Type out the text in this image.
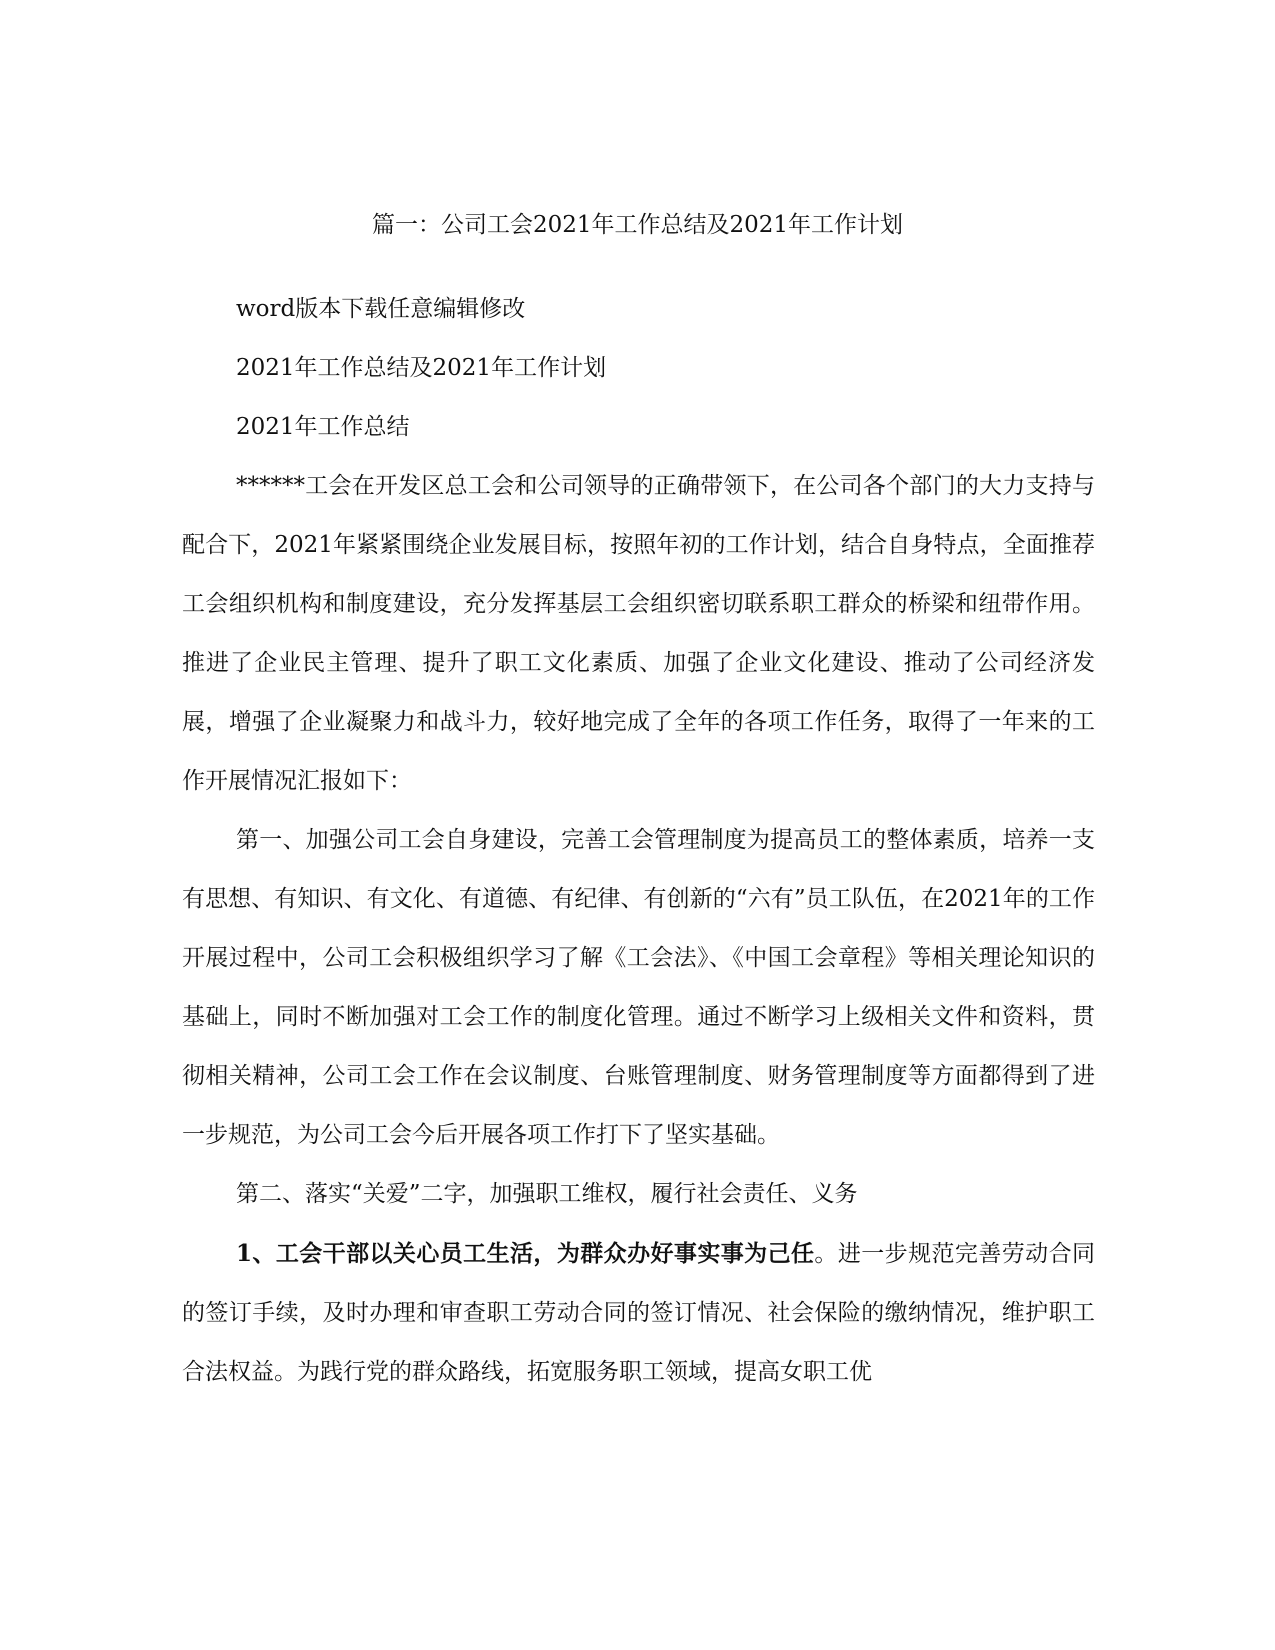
篇一：公司工会2021年工作总结及2021年工作计划

word版本下载任意编辑修改

2021年工作总结及2021年工作计划

2021年工作总结

******工会在开发区总工会和公司领导的正确带领下，在公司各个部门的大力支持与配合下，2021年紧紧围绕企业发展目标，按照年初的工作计划，结合自身特点，全面推荐工会组织机构和制度建设，充分发挥基层工会组织密切联系职工群众的桥梁和纽带作用。推进了企业民主管理、提升了职工文化素质、加强了企业文化建设、推动了公司经济发展，增强了企业凝聚力和战斗力，较好地完成了全年的各项工作任务，取得了一年来的工作开展情况汇报如下：

第一、加强公司工会自身建设，完善工会管理制度为提高员工的整体素质，培养一支有思想、有知识、有文化、有道德、有纪律、有创新的“六有”员工队伍，在2021年的工作开展过程中，公司工会积极组织学习了解《工会法》、《中国工会章程》等相关理论知识的基础上，同时不断加强对工会工作的制度化管理。通过不断学习上级相关文件和资料，贯彻相关精神，公司工会工作在会议制度、台账管理制度、财务管理制度等方面都得到了进一步规范，为公司工会今后开展各项工作打下了坚实基础。

第二、落实“关爱”二字，加强职工维权，履行社会责任、义务

1、工会干部以关心员工生活，为群众办好事实事为己任。进一步规范完善劳动合同的签订手续，及时办理和审查职工劳动合同的签订情况、社会保险的缴纳情况，维护职工合法权益。为践行党的群众路线，拓宽服务职工领域，提高女职工优
